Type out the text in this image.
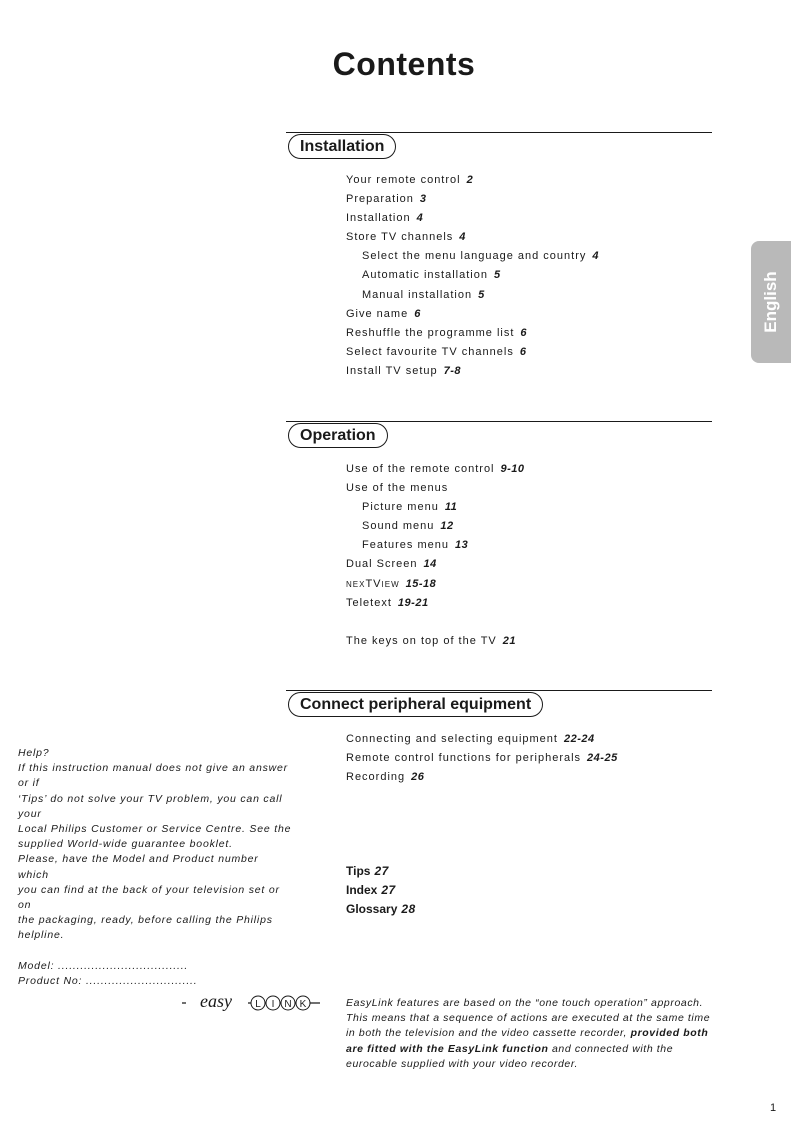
Contents
English
Installation
Your remote control 2
Preparation 3
Installation 4
Store TV channels 4
Select the menu language and country 4
Automatic installation 5
Manual installation 5
Give name 6
Reshuffle the programme list 6
Select favourite TV channels 6
Install TV setup 7-8
Operation
Use of the remote control 9-10
Use of the menus
Picture menu 11
Sound menu 12
Features menu 13
Dual Screen 14
NEXTVIEW 15-18
Teletext 19-21
The keys on top of the TV 21
Connect peripheral equipment
Connecting and selecting equipment 22-24
Remote control functions for peripherals 24-25
Recording 26
Tips 27
Index 27
Glossary 28

Help?

If this instruction manual does not give an answer or if

‘Tips’ do not solve your TV problem, you can call your

Local Philips Customer or Service Centre. See the

supplied World-wide guarantee booklet.

Please, have the Model and Product number which

you can find at the back of your television set or on

the packaging, ready, before calling the Philips helpline.

Model: ...................................

Product No: ..............................

easy L I N K	EasyLink features are based on the “one touch operation” approach. This means that a sequence of actions are executed at the same time in both the television and the video cassette recorder, provided both are fitted with the EasyLink function and connected with the eurocable supplied with your video recorder.
1
